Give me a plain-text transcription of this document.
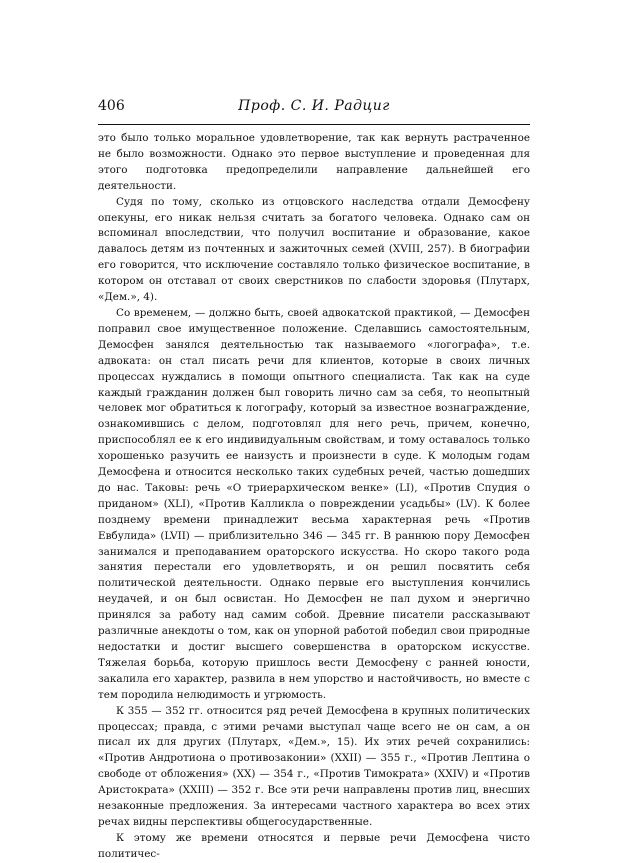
406	Проф. С. И. Радциг

это было только моральное удовлетворение, так как вернуть растраченное не было возможности. Однако это первое выступление и проведенная для этого подготовка предопределили направление дальнейшей его деятельности.

Судя по тому, сколько из отцовского наследства отдали Демосфену опекуны, его никак нельзя считать за богатого человека. Однако сам он вспоминал впоследствии, что получил воспитание и образование, какое давалось детям из почтенных и зажиточных семей (XVIII, 257). В биографии его говорится, что исключение составляло только физическое воспитание, в котором он отставал от своих сверстников по слабости здоровья (Плутарх, «Дем.», 4).

Со временем, — должно быть, своей адвокатской практикой, — Демосфен поправил свое имущественное положение. Сделавшись самостоятельным, Демосфен занялся деятельностью так называемого «логографа», т.е. адвоката: он стал писать речи для клиентов, которые в своих личных процессах нуждались в помощи опытного специалиста. Так как на суде каждый гражданин должен был говорить лично сам за себя, то неопытный человек мог обратиться к логографу, который за известное вознаграждение, ознакомившись с делом, подготовлял для него речь, причем, конечно, приспособлял ее к его индивидуальным свойствам, и тому оставалось только хорошенько разучить ее наизусть и произнести в суде. К молодым годам Демосфена и относится несколько таких судебных речей, частью дошедших до нас. Таковы: речь «О триерархическом венке» (LI), «Против Спудия о приданом» (XLI), «Против Калликла о повреждении усадьбы» (LV). К более позднему времени принадлежит весьма характерная речь «Против Евбулида» (LVII) — приблизительно 346 — 345 гг. В раннюю пору Демосфен занимался и преподаванием ораторского искусства. Но скоро такого рода занятия перестали его удовлетворять, и он решил посвятить себя политической деятельности. Однако первые его выступления кончились неудачей, и он был освистан. Но Демосфен не пал духом и энергично принялся за работу над самим собой. Древние писатели рассказывают различные анекдоты о том, как он упорной работой победил свои природные недостатки и достиг высшего совершенства в ораторском искусстве. Тяжелая борьба, которую пришлось вести Демосфену с ранней юности, закалила его характер, развила в нем упорство и настойчивость, но вместе с тем породила нелюдимость и угрюмость.

К 355 — 352 гг. относится ряд речей Демосфена в крупных политических процессах; правда, с этими речами выступал чаще всего не он сам, а он писал их для других (Плутарх, «Дем.», 15). Их этих речей сохранились: «Против Андротиона о противозаконии» (XXII) — 355 г., «Против Лептина о свободе от обложения» (XX) — 354 г., «Против Тимократа» (XXIV) и «Против Аристократа» (XXIII) — 352 г. Все эти речи направлены против лиц, внесших незаконные предложения. За интересами частного характера во всех этих речах видны перспективы общегосударственные.

К этому же времени относятся и первые речи Демосфена чисто политичес-
